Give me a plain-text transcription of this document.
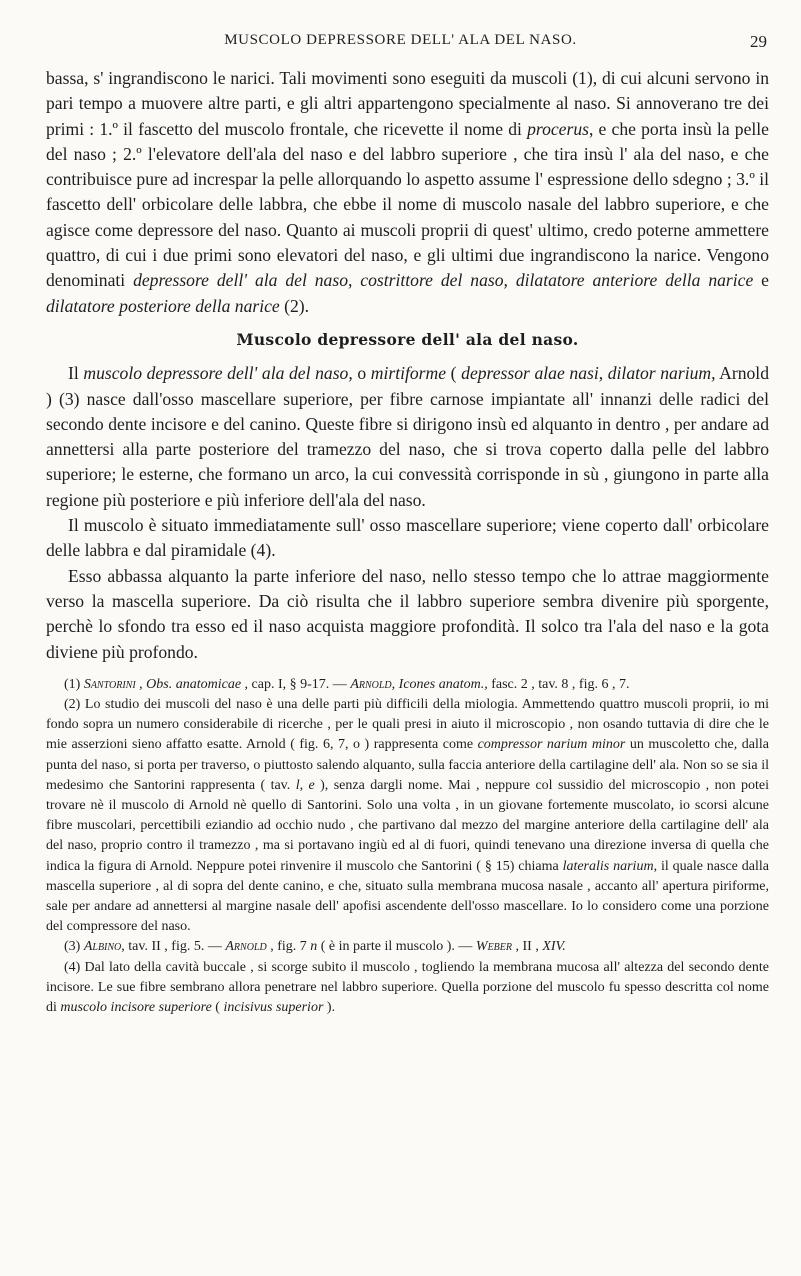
MUSCOLO DEPRESSORE DELL' ALA DEL NASO.	29

bassa, s' ingrandiscono le narici. Tali movimenti sono eseguiti da muscoli (1), di cui alcuni servono in pari tempo a muovere altre parti, e gli altri appartengono specialmente al naso. Si annoverano tre dei primi : 1.º il fascetto del muscolo frontale, che ricevette il nome di procerus, e che porta insù la pelle del naso ; 2.º l'elevatore dell'ala del naso e del labbro superiore , che tira insù l' ala del naso, e che contribuisce pure ad increspar la pelle allorquando lo aspetto assume l' espressione dello sdegno ; 3.º il fascetto dell' orbicolare delle labbra, che ebbe il nome di muscolo nasale del labbro superiore, e che agisce come depressore del naso. Quanto ai muscoli proprii di quest' ultimo, credo poterne ammettere quattro, di cui i due primi sono elevatori del naso, e gli ultimi due ingrandiscono la narice. Vengono denominati depressore dell' ala del naso, costrittore del naso, dilatatore anteriore della narice e dilatatore posteriore della narice (2).

Muscolo depressore dell' ala del naso.

Il muscolo depressore dell' ala del naso, o mirtiforme ( depressor alae nasi, dilator narium, Arnold ) (3) nasce dall'osso mascellare superiore, per fibre carnose impiantate all' innanzi delle radici del secondo dente incisore e del canino. Queste fibre si dirigono insù ed alquanto in dentro , per andare ad annettersi alla parte posteriore del tramezzo del naso, che si trova coperto dalla pelle del labbro superiore; le esterne, che formano un arco, la cui convessità corrisponde in sù , giungono in parte alla regione più posteriore e più inferiore dell'ala del naso.

Il muscolo è situato immediatamente sull' osso mascellare superiore; viene coperto dall' orbicolare delle labbra e dal piramidale (4).

Esso abbassa alquanto la parte inferiore del naso, nello stesso tempo che lo attrae maggiormente verso la mascella superiore. Da ciò risulta che il labbro superiore sembra divenire più sporgente, perchè lo sfondo tra esso ed il naso acquista maggiore profondità. Il solco tra l'ala del naso e la gota diviene più profondo.

(1) Santorini , Obs. anatomicae , cap. I, § 9-17. — Arnold, Icones anatom., fasc. 2 , tav. 8 , fig. 6 , 7.

(2) Lo studio dei muscoli del naso è una delle parti più difficili della miologia. Ammettendo quattro muscoli proprii, io mi fondo sopra un numero considerabile di ricerche , per le quali presi in aiuto il microscopio , non osando tuttavia di dire che le mie asserzioni sieno affatto esatte. Arnold ( fig. 6, 7, o ) rappresenta come compressor narium minor un muscoletto che, dalla punta del naso, si porta per traverso, o piuttosto salendo alquanto, sulla faccia anteriore della cartilagine dell' ala. Non so se sia il medesimo che Santorini rappresenta ( tav. l, e ), senza dargli nome. Mai , neppure col sussidio del microscopio , non potei trovare nè il muscolo di Arnold nè quello di Santorini. Solo una volta , in un giovane fortemente muscolato, io scorsi alcune fibre muscolari, percettibili eziandio ad occhio nudo , che partivano dal mezzo del margine anteriore della cartilagine dell' ala del naso, proprio contro il tramezzo , ma si portavano ingiù ed al di fuori, quindi tenevano una direzione inversa di quella che indica la figura di Arnold. Neppure potei rinvenire il muscolo che Santorini ( § 15) chiama lateralis narium, il quale nasce dalla mascella superiore , al di sopra del dente canino, e che, situato sulla membrana mucosa nasale , accanto all' apertura piriforme, sale per andare ad annettersi al margine nasale dell' apofisi ascendente dell'osso mascellare. Io lo considero come una porzione del compressore del naso.

(3) Albino, tav. II , fig. 5. — Arnold , fig. 7 n ( è in parte il muscolo ). — Weber , II , XIV.

(4) Dal lato della cavità buccale , si scorge subito il muscolo , togliendo la membrana mucosa all' altezza del secondo dente incisore. Le sue fibre sembrano allora penetrare nel labbro superiore. Quella porzione del muscolo fu spesso descritta col nome di muscolo incisore superiore ( incisivus superior ).
